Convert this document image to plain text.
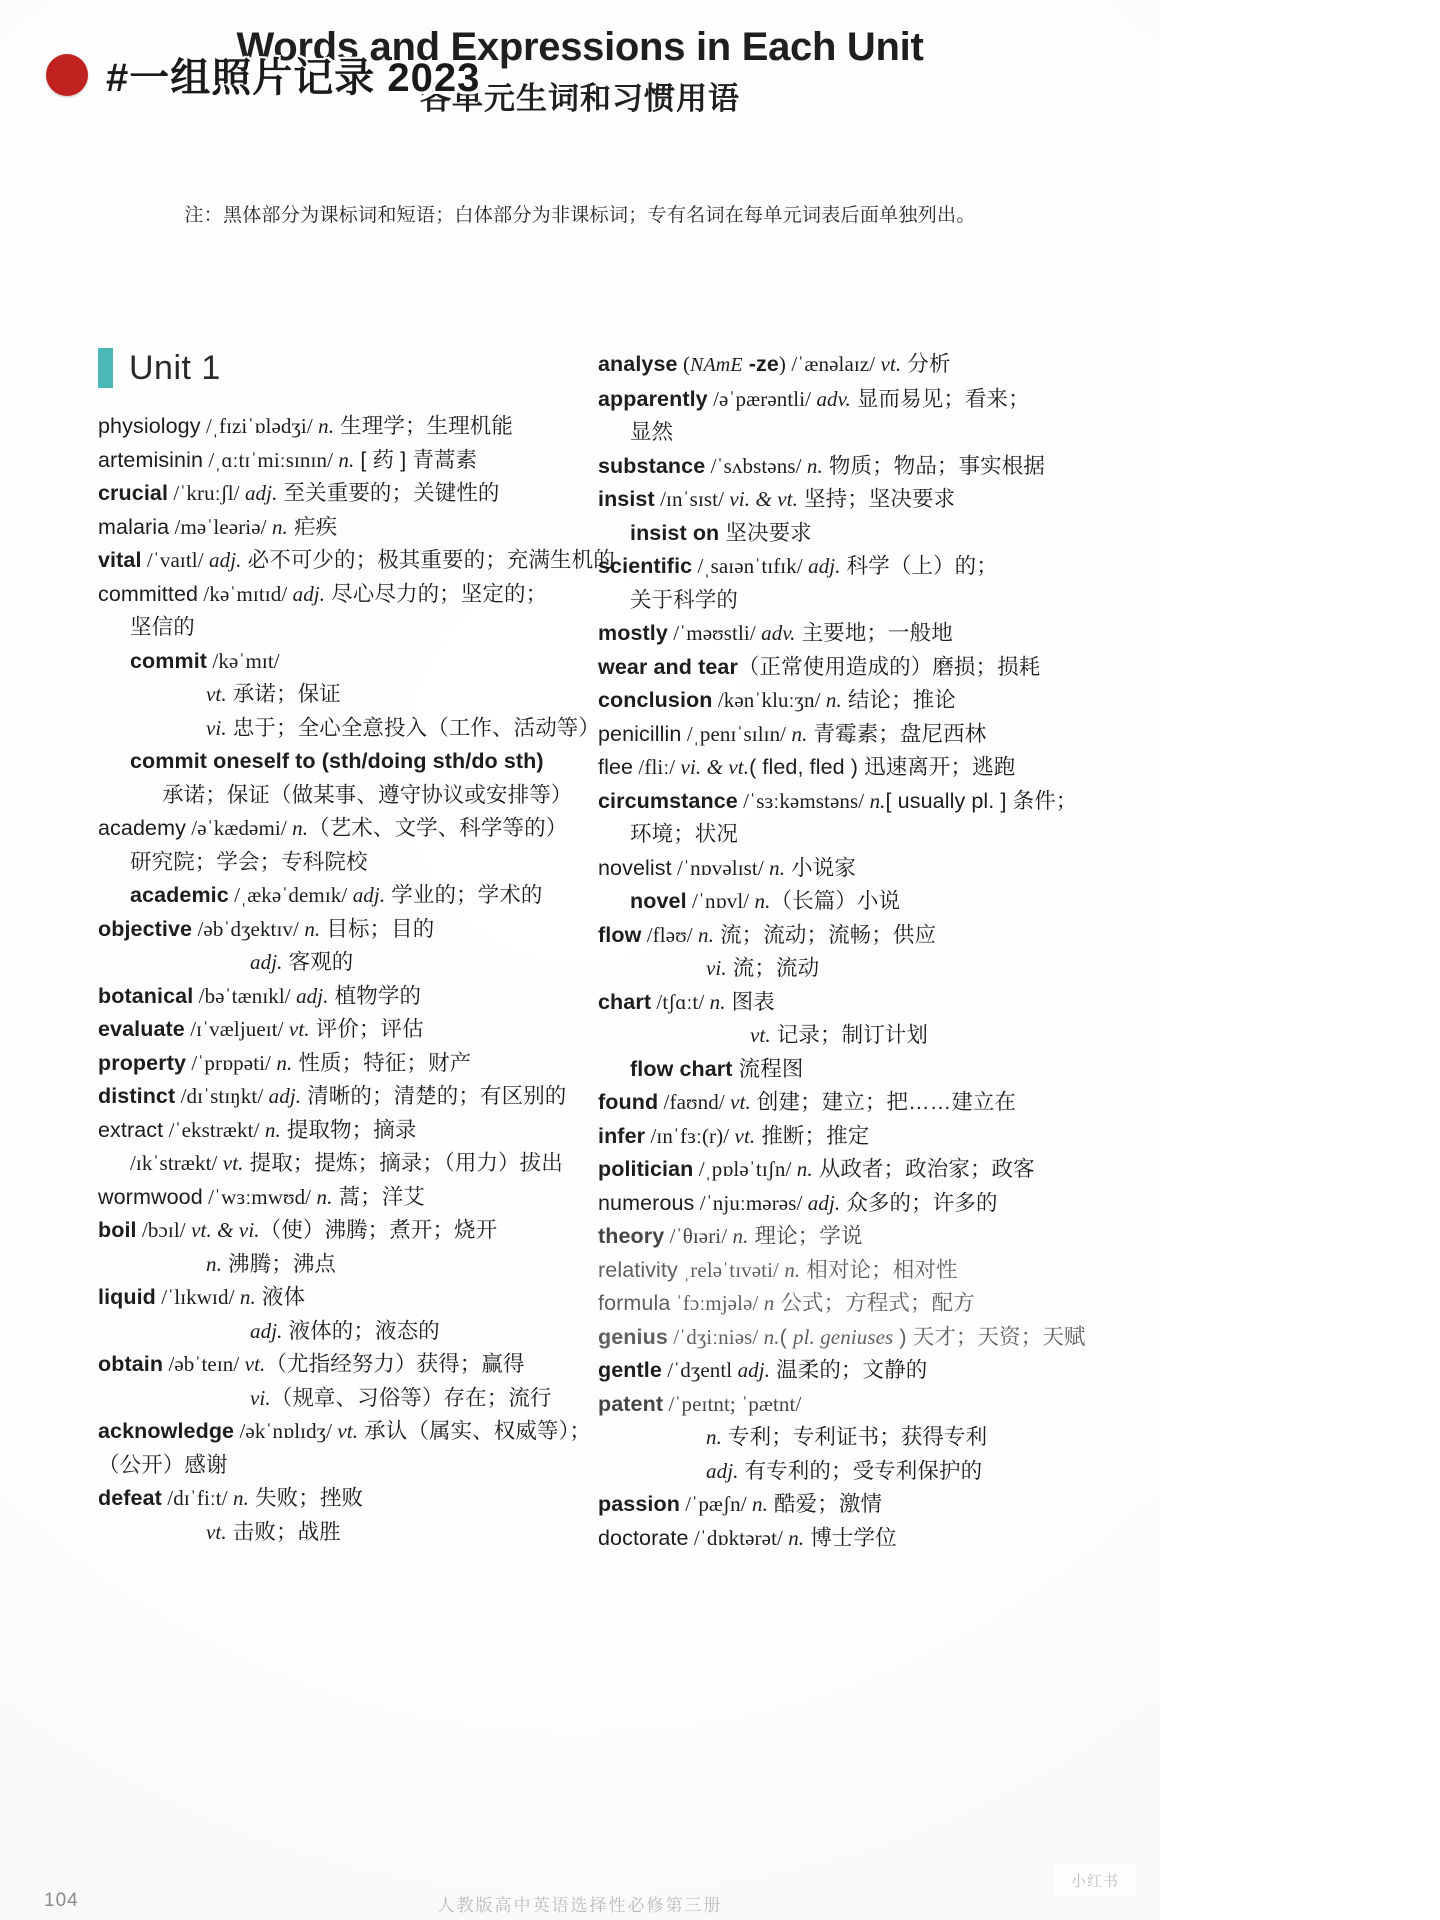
Words and Expressions in Each Unit
各单元生词和习惯用语
注：黑体部分为课标词和短语；白体部分为非课标词；专有名词在每单元词表后面单独列出。
#一组照片记录 2023
Unit 1
physiology /ˌfɪziˈɒlədʒi/ n. 生理学；生理机能
artemisinin /ˌɑːtɪˈmiːsɪnɪn/ n. [ 药 ] 青蒿素
crucial /ˈkruːʃl/ adj. 至关重要的；关键性的
malaria /məˈleəriə/ n. 疟疾
vital /ˈvaɪtl/ adj. 必不可少的；极其重要的；充满生机的
committed /kəˈmɪtɪd/ adj. 尽心尽力的；坚定的；
坚信的
commit /kəˈmɪt/
vt. 承诺；保证
vi. 忠于；全心全意投入（工作、活动等）
commit oneself to (sth/doing sth/do sth)
承诺；保证（做某事、遵守协议或安排等）
academy /əˈkædəmi/ n.（艺术、文学、科学等的）
研究院；学会；专科院校
academic /ˌækəˈdemɪk/ adj. 学业的；学术的
objective /əbˈdʒektɪv/ n. 目标；目的
adj. 客观的
botanical /bəˈtænɪkl/ adj. 植物学的
evaluate /ɪˈvæljueɪt/ vt. 评价；评估
property /ˈprɒpəti/ n. 性质；特征；财产
distinct /dɪˈstɪŋkt/ adj. 清晰的；清楚的；有区别的
extract /ˈekstrækt/ n. 提取物；摘录
/ɪkˈstrækt/ vt. 提取；提炼；摘录；（用力）拔出
wormwood /ˈwɜːmwʊd/ n. 蒿；洋艾
boil /bɔɪl/ vt. & vi.（使）沸腾；煮开；烧开
n. 沸腾；沸点
liquid /ˈlɪkwɪd/ n. 液体
adj. 液体的；液态的
obtain /əbˈteɪn/ vt.（尤指经努力）获得；赢得
vi.（规章、习俗等）存在；流行
acknowledge /əkˈnɒlɪdʒ/ vt. 承认（属实、权威等）；
（公开）感谢
defeat /dɪˈfiːt/ n. 失败；挫败
vt. 击败；战胜
analyse (NAmE -ze) /ˈænəlaɪz/ vt. 分析
apparently /əˈpærəntli/ adv. 显而易见；看来；
显然
substance /ˈsʌbstəns/ n. 物质；物品；事实根据
insist /ɪnˈsɪst/ vi. & vt. 坚持；坚决要求
insist on 坚决要求
scientific /ˌsaɪənˈtɪfɪk/ adj. 科学（上）的；
关于科学的
mostly /ˈməʊstli/ adv. 主要地；一般地
wear and tear（正常使用造成的）磨损；损耗
conclusion /kənˈkluːʒn/ n. 结论；推论
penicillin /ˌpenɪˈsɪlɪn/ n. 青霉素；盘尼西林
flee /fliː/ vi. & vt.( fled, fled ) 迅速离开；逃跑
circumstance /ˈsɜːkəmstəns/ n.[ usually pl. ] 条件；
环境；状况
novelist /ˈnɒvəlɪst/ n. 小说家
novel /ˈnɒvl/ n.（长篇）小说
flow /fləʊ/ n. 流；流动；流畅；供应
vi. 流；流动
chart /tʃɑːt/ n. 图表
vt. 记录；制订计划
flow chart 流程图
found /faʊnd/ vt. 创建；建立；把……建立在
infer /ɪnˈfɜː(r)/ vt. 推断；推定
politician /ˌpɒləˈtɪʃn/ n. 从政者；政治家；政客
numerous /ˈnjuːmərəs/ adj. 众多的；许多的
theory /ˈθɪəri/ n. 理论；学说
relativity ˌreləˈtɪvəti/ n. 相对论；相对性
formula ˈfɔːmjələ/ n 公式；方程式；配方
genius /ˈdʒiːniəs/ n.( pl. geniuses ) 天才；天资；天赋
gentle /ˈdʒentl adj. 温柔的；文静的
patent /ˈpeɪtnt; ˈpætnt/
n. 专利；专利证书；获得专利
adj. 有专利的；受专利保护的
passion /ˈpæʃn/ n. 酷爱；激情
doctorate /ˈdɒktərət/ n. 博士学位
104	人教版高中英语选择性必修第三册
小红书
